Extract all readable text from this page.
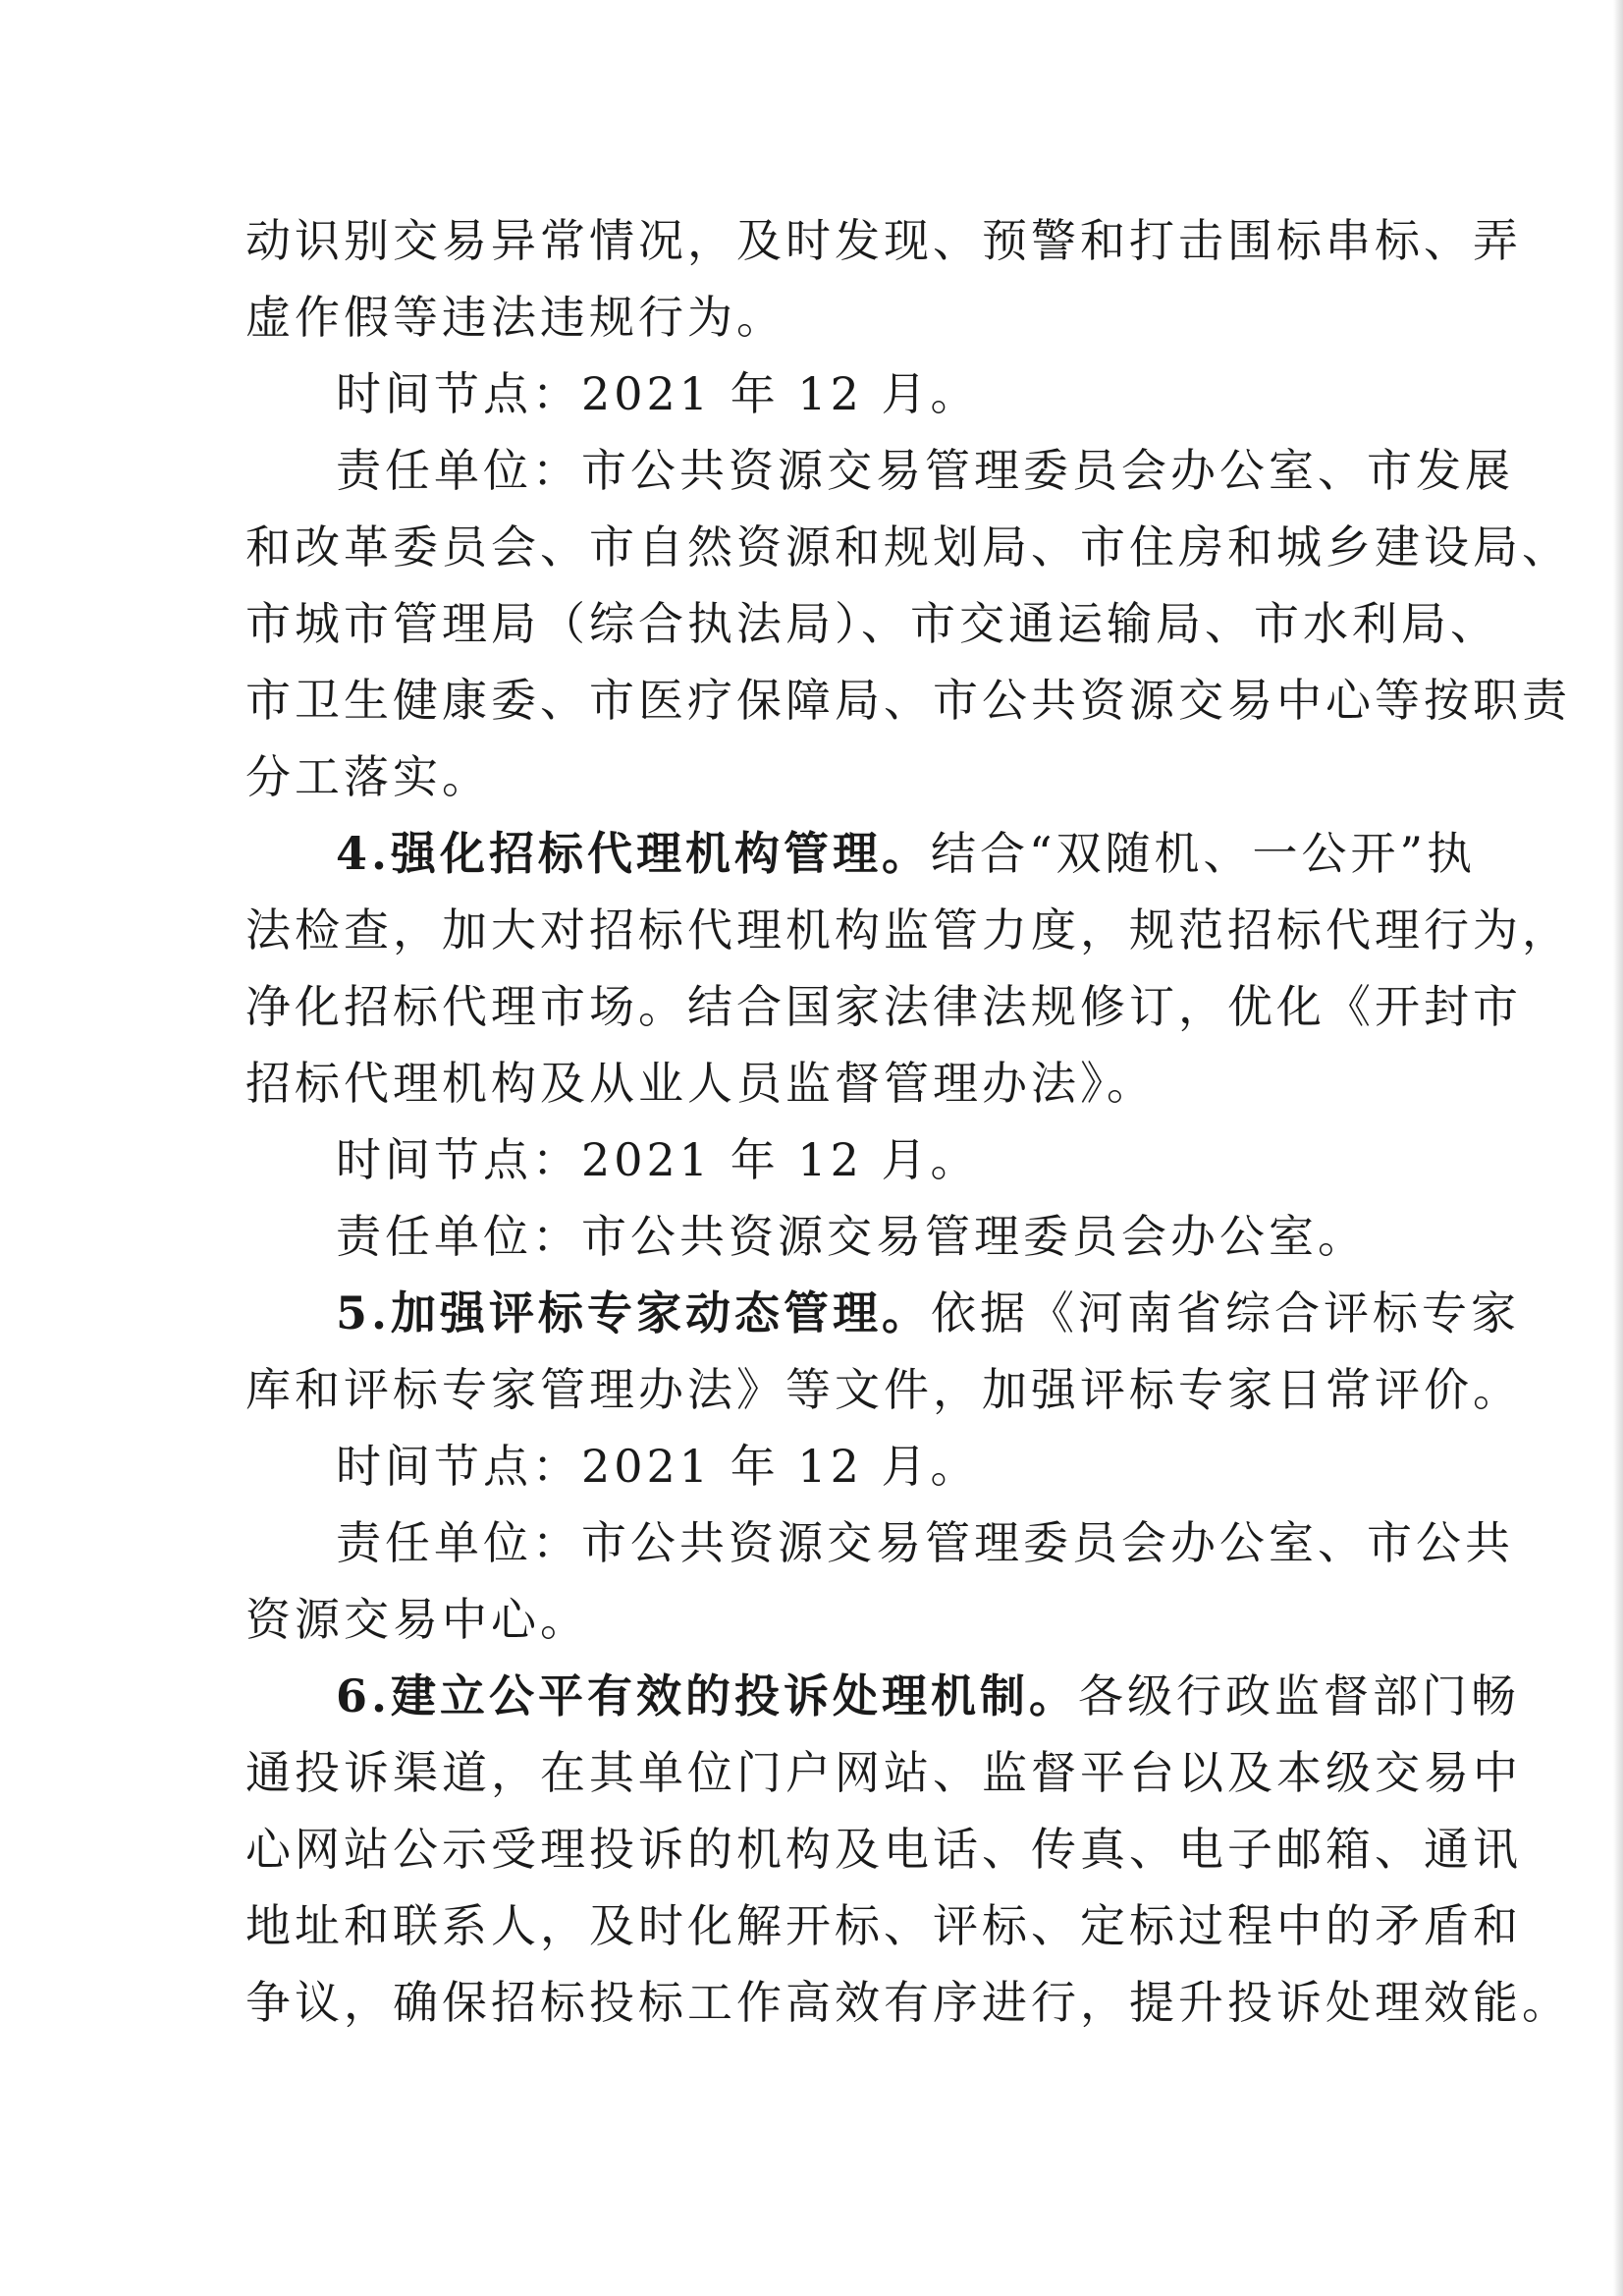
动识别交易异常情况，及时发现、预警和打击围标串标、弄
虚作假等违法违规行为。
时间节点：2021 年 12 月。
责任单位：市公共资源交易管理委员会办公室、市发展
和改革委员会、市自然资源和规划局、市住房和城乡建设局、
市城市管理局（综合执法局）、市交通运输局、市水利局、
市卫生健康委、市医疗保障局、市公共资源交易中心等按职责
分工落实。
4.强化招标代理机构管理。结合“双随机、一公开”执
法检查，加大对招标代理机构监管力度，规范招标代理行为，
净化招标代理市场。结合国家法律法规修订，优化《开封市
招标代理机构及从业人员监督管理办法》。
时间节点：2021 年 12 月。
责任单位：市公共资源交易管理委员会办公室。
5.加强评标专家动态管理。依据《河南省综合评标专家
库和评标专家管理办法》等文件，加强评标专家日常评价。
时间节点：2021 年 12 月。
责任单位：市公共资源交易管理委员会办公室、市公共
资源交易中心。
6.建立公平有效的投诉处理机制。各级行政监督部门畅
通投诉渠道，在其单位门户网站、监督平台以及本级交易中
心网站公示受理投诉的机构及电话、传真、电子邮箱、通讯
地址和联系人，及时化解开标、评标、定标过程中的矛盾和
争议，确保招标投标工作高效有序进行，提升投诉处理效能。
